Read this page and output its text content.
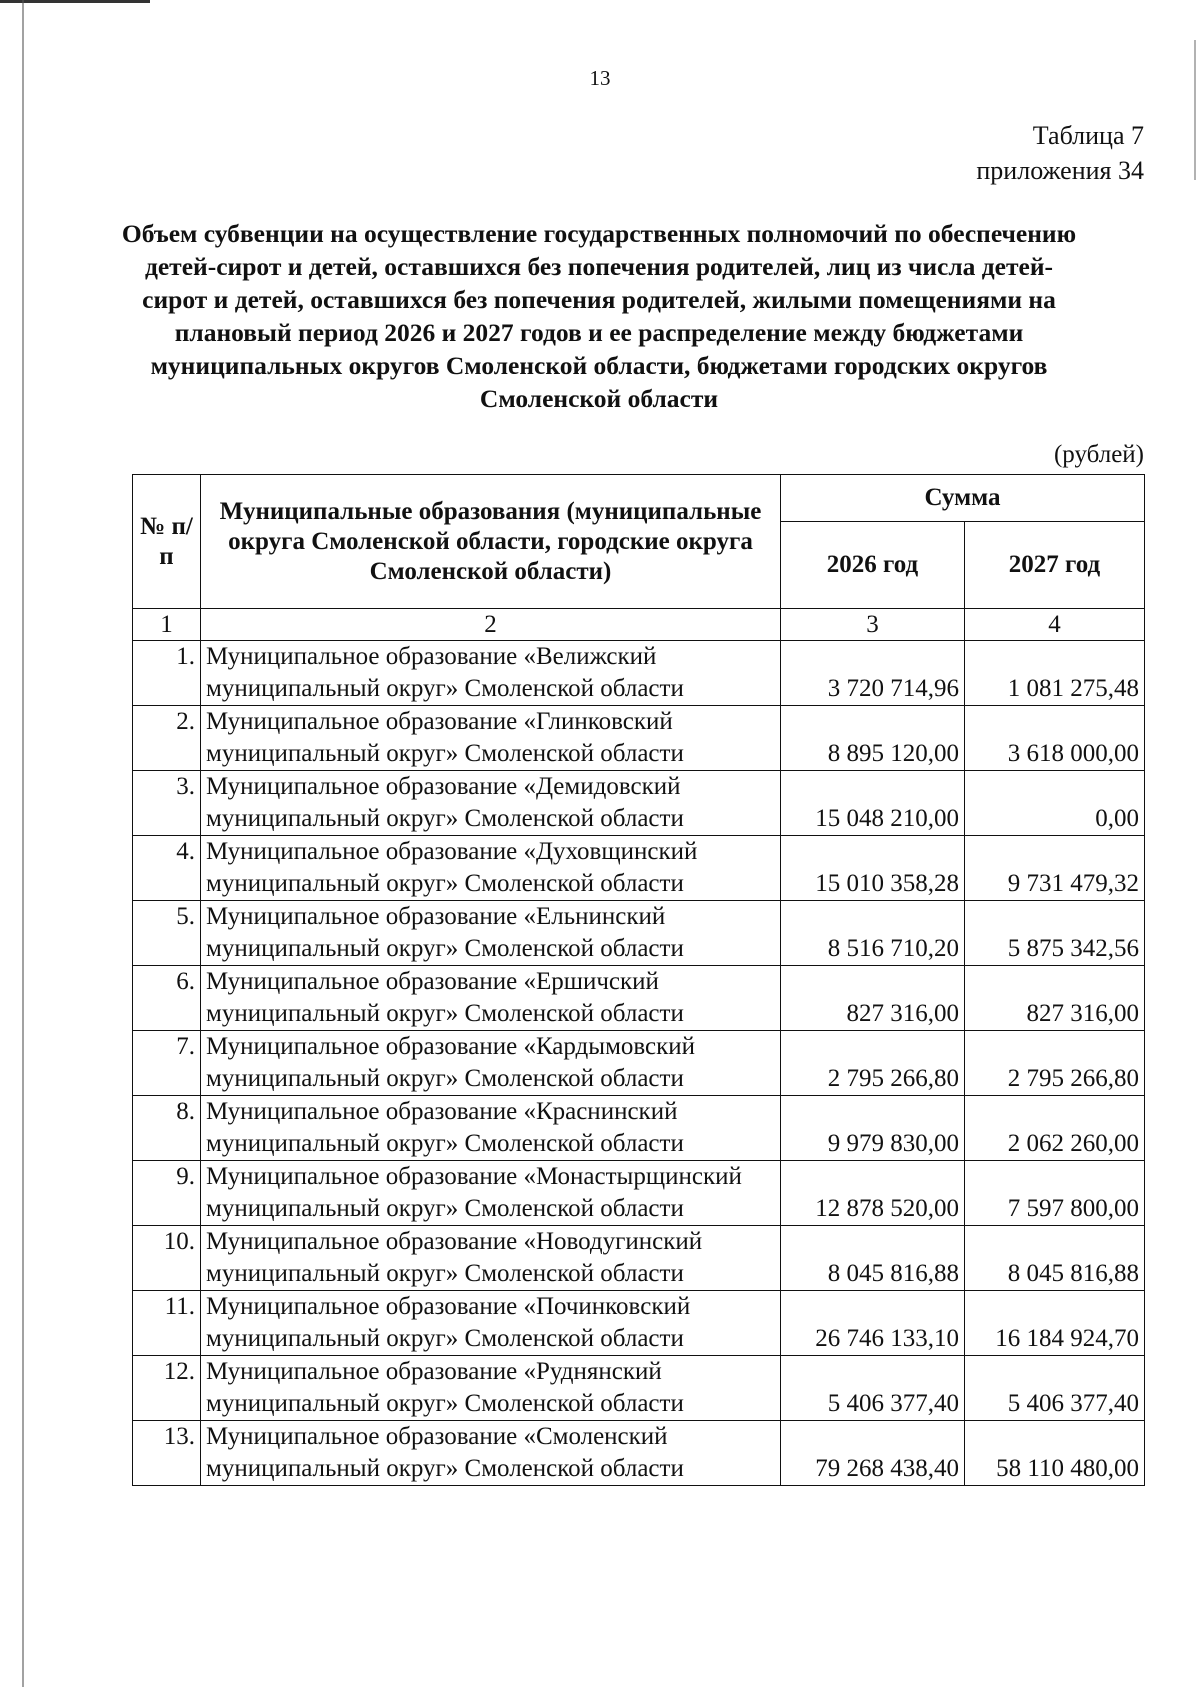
13
Таблица 7
приложения 34
Объем субвенции на осуществление государственных полномочий по обеспечению детей-сирот и детей, оставшихся без попечения родителей, лиц из числа детей-сирот и детей, оставшихся без попечения родителей, жилыми помещениями на плановый период 2026 и 2027 годов и ее распределение между бюджетами муниципальных округов Смоленской области, бюджетами городских округов Смоленской области
(рублей)
№ п/п	Муниципальные образования (муниципальные округа Смоленской области, городские округа Смоленской области)	Сумма	
		2026 год	2027 год
1	2	3	4
1.	Муниципальное образование «Велижский муниципальный округ» Смоленской области	3 720 714,96	1 081 275,48
2.	Муниципальное образование «Глинковский муниципальный округ» Смоленской области	8 895 120,00	3 618 000,00
3.	Муниципальное образование «Демидовский муниципальный округ» Смоленской области	15 048 210,00	0,00
4.	Муниципальное образование «Духовщинский муниципальный округ» Смоленской области	15 010 358,28	9 731 479,32
5.	Муниципальное образование «Ельнинский муниципальный округ» Смоленской области	8 516 710,20	5 875 342,56
6.	Муниципальное образование «Ершичский муниципальный округ» Смоленской области	827 316,00	827 316,00
7.	Муниципальное образование «Кардымовский муниципальный округ» Смоленской области	2 795 266,80	2 795 266,80
8.	Муниципальное образование «Краснинский муниципальный округ» Смоленской области	9 979 830,00	2 062 260,00
9.	Муниципальное образование «Монастырщинский муниципальный округ» Смоленской области	12 878 520,00	7 597 800,00
10.	Муниципальное образование «Новодугинский муниципальный округ» Смоленской области	8 045 816,88	8 045 816,88
11.	Муниципальное образование «Починковский муниципальный округ» Смоленской области	26 746 133,10	16 184 924,70
12.	Муниципальное образование «Руднянский муниципальный округ» Смоленской области	5 406 377,40	5 406 377,40
13.	Муниципальное образование «Смоленский муниципальный округ» Смоленской области	79 268 438,40	58 110 480,00
